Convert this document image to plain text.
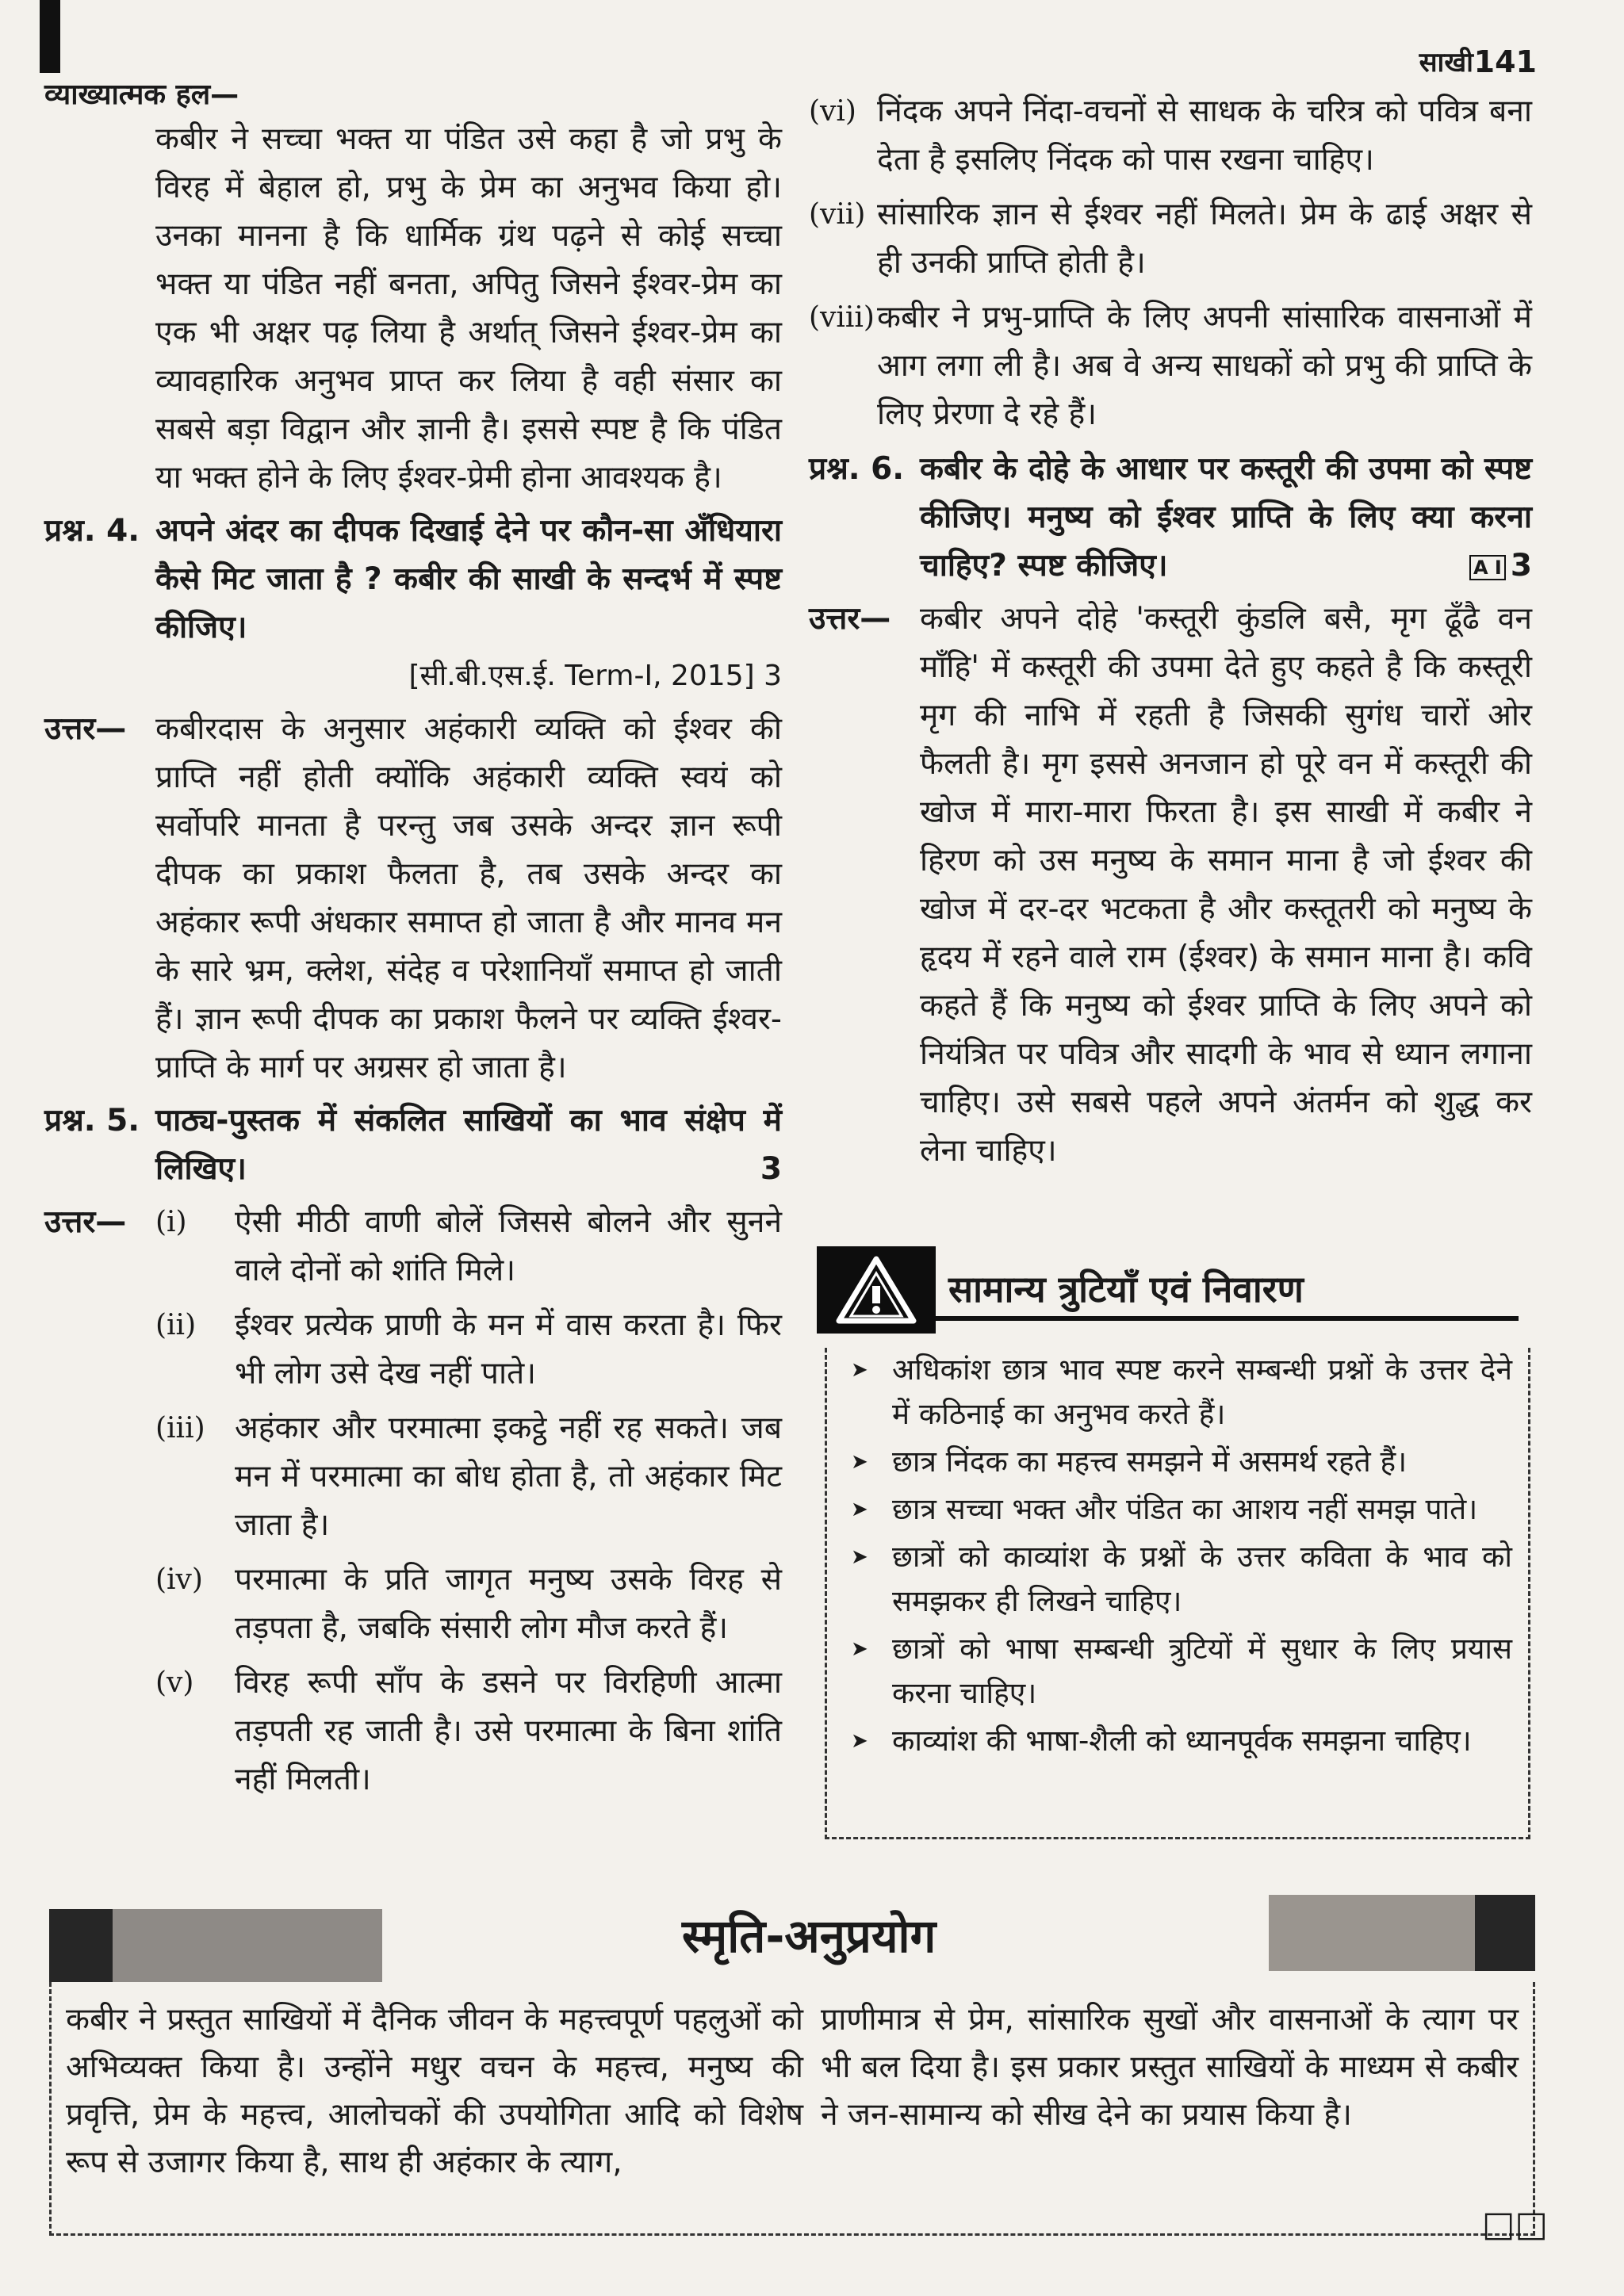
साखी 141
व्याख्यात्मक हल—

कबीर ने सच्चा भक्त या पंडित उसे कहा है जो प्रभु के विरह में बेहाल हो, प्रभु के प्रेम का अनुभव किया हो। उनका मानना है कि धार्मिक ग्रंथ पढ़ने से कोई सच्चा भक्त या पंडित नहीं बनता, अपितु जिसने ईश्वर-प्रेम का एक भी अक्षर पढ़ लिया है अर्थात् जिसने ईश्वर-प्रेम का व्यावहारिक अनुभव प्राप्त कर लिया है वही संसार का सबसे बड़ा विद्वान और ज्ञानी है। इससे स्पष्ट है कि पंडित या भक्त होने के लिए ईश्वर-प्रेमी होना आवश्यक है।

प्रश्न. 4. अपने अंदर का दीपक दिखाई देने पर कौन-सा अँधियारा कैसे मिट जाता है ? कबीर की साखी के सन्दर्भ में स्पष्ट कीजिए।
[सी.बी.एस.ई. Term-I, 2015] 3
उत्तर— कबीरदास के अनुसार अहंकारी व्यक्ति को ईश्वर की प्राप्ति नहीं होती क्योंकि अहंकारी व्यक्ति स्वयं को सर्वोपरि मानता है परन्तु जब उसके अन्दर ज्ञान रूपी दीपक का प्रकाश फैलता है, तब उसके अन्दर का अहंकार रूपी अंधकार समाप्त हो जाता है और मानव मन के सारे भ्रम, क्लेश, संदेह व परेशानियाँ समाप्त हो जाती हैं। ज्ञान रूपी दीपक का प्रकाश फैलने पर व्यक्ति ईश्वर-प्राप्ति के मार्ग पर अग्रसर हो जाता है।
प्रश्न. 5. पाठ्य-पुस्तक में संकलित साखियों का भाव संक्षेप में लिखिए।	3
उत्तर—	(i)	ऐसी मीठी वाणी बोलें जिससे बोलने और सुनने वाले दोनों को शांति मिले।
(ii)	ईश्वर प्रत्येक प्राणी के मन में वास करता है। फिर भी लोग उसे देख नहीं पाते।
(iii) अहंकार और परमात्मा इकट्ठे नहीं रह सकते। जब मन में परमात्मा का बोध होता है, तो अहंकार मिट जाता है।
(iv)	परमात्मा के प्रति जागृत मनुष्य उसके विरह से तड़पता है, जबकि संसारी लोग मौज करते हैं।
(v)	विरह रूपी साँप के डसने पर विरहिणी आत्मा तड़पती रह जाती है। उसे परमात्मा के बिना शांति नहीं मिलती।
(vi) निंदक अपने निंदा-वचनों से साधक के चरित्र को पवित्र बना देता है इसलिए निंदक को पास रखना चाहिए।
(vii) सांसारिक ज्ञान से ईश्वर नहीं मिलते। प्रेम के ढाई अक्षर से ही उनकी प्राप्ति होती है।
(viii) कबीर ने प्रभु-प्राप्ति के लिए अपनी सांसारिक वासनाओं में आग लगा ली है। अब वे अन्य साधकों को प्रभु की प्राप्ति के लिए प्रेरणा दे रहे हैं।
प्रश्न. 6. कबीर के दोहे के आधार पर कस्तूरी की उपमा को स्पष्ट कीजिए। मनुष्य को ईश्वर प्राप्ति के लिए क्या करना चाहिए? स्पष्ट कीजिए।	A I 3
उत्तर— कबीर अपने दोहे 'कस्तूरी कुंडलि बसै, मृग ढूँढै वन माँहि' में कस्तूरी की उपमा देते हुए कहते है कि कस्तूरी मृग की नाभि में रहती है जिसकी सुगंध चारों ओर फैलती है। मृग इससे अनजान हो पूरे वन में कस्तूरी की खोज में मारा-मारा फिरता है। इस साखी में कबीर ने हिरण को उस मनुष्य के समान माना है जो ईश्वर की खोज में दर-दर भटकता है और कस्तूतरी को मनुष्य के हृदय में रहने वाले राम (ईश्वर) के समान माना है। कवि कहते हैं कि मनुष्य को ईश्वर प्राप्ति के लिए अपने को नियंत्रित पर पवित्र और सादगी के भाव से ध्यान लगाना चाहिए। उसे सबसे पहले अपने अंतर्मन को शुद्ध कर लेना चाहिए।
सामान्य त्रुटियाँ एवं निवारण
➤ अधिकांश छात्र भाव स्पष्ट करने सम्बन्धी प्रश्नों के उत्तर देने में कठिनाई का अनुभव करते हैं।
➤ छात्र निंदक का महत्त्व समझने में असमर्थ रहते हैं।
➤ छात्र सच्चा भक्त और पंडित का आशय नहीं समझ पाते।
➤ छात्रों को काव्यांश के प्रश्नों के उत्तर कविता के भाव को समझकर ही लिखने चाहिए।
➤ छात्रों को भाषा सम्बन्धी त्रुटियों में सुधार के लिए प्रयास करना चाहिए।
➤ काव्यांश की भाषा-शैली को ध्यानपूर्वक समझना चाहिए।
स्मृति-अनुप्रयोग
कबीर ने प्रस्तुत साखियों में दैनिक जीवन के महत्त्वपूर्ण पहलुओं को अभिव्यक्त किया है। उन्होंने मधुर वचन के महत्त्व, मनुष्य की प्रवृत्ति, प्रेम के महत्त्व, आलोचकों की उपयोगिता आदि को विशेष रूप से उजागर किया है, साथ ही अहंकार के त्याग,
प्राणीमात्र से प्रेम, सांसारिक सुखों और वासनाओं के त्याग पर भी बल दिया है। इस प्रकार प्रस्तुत साखियों के माध्यम से कबीर ने जन-सामान्य को सीख देने का प्रयास किया है।
□□
